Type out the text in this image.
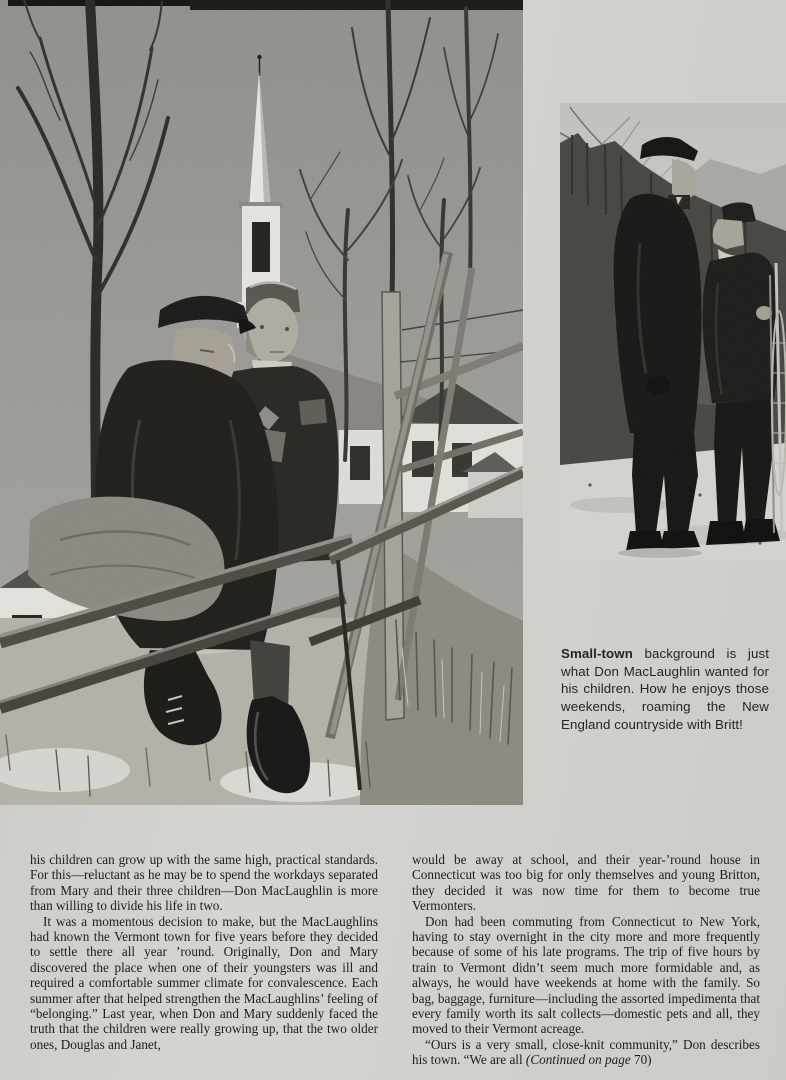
Small-town background is just what Don MacLaughlin wanted for his children. How he enjoys those weekends, roaming the New England countryside with Britt!

his children can grow up with the same high, practical standards. For this—reluctant as he may be to spend the workdays separated from Mary and their three children—Don MacLaughlin is more than willing to divide his life in two.

It was a momentous decision to make, but the MacLaughlins had known the Vermont town for five years before they decided to settle there all year ’round. Originally, Don and Mary discovered the place when one of their youngsters was ill and required a comfortable summer climate for convalescence. Each summer after that helped strengthen the MacLaughlins’ feeling of “belonging.” Last year, when Don and Mary suddenly faced the truth that the children were really growing up, that the two older ones, Douglas and Janet,

would be away at school, and their year-’round house in Connecticut was too big for only themselves and young Britton, they decided it was now time for them to become true Vermonters.

Don had been commuting from Connecticut to New York, having to stay overnight in the city more and more frequently because of some of his late programs. The trip of five hours by train to Vermont didn’t seem much more formidable and, as always, he would have weekends at home with the family. So bag, baggage, furniture—including the assorted impedimenta that every family worth its salt collects—domestic pets and all, they moved to their Vermont acreage.

“Ours is a very small, close-knit community,” Don describes his town. “We are all (Continued on page 70)
